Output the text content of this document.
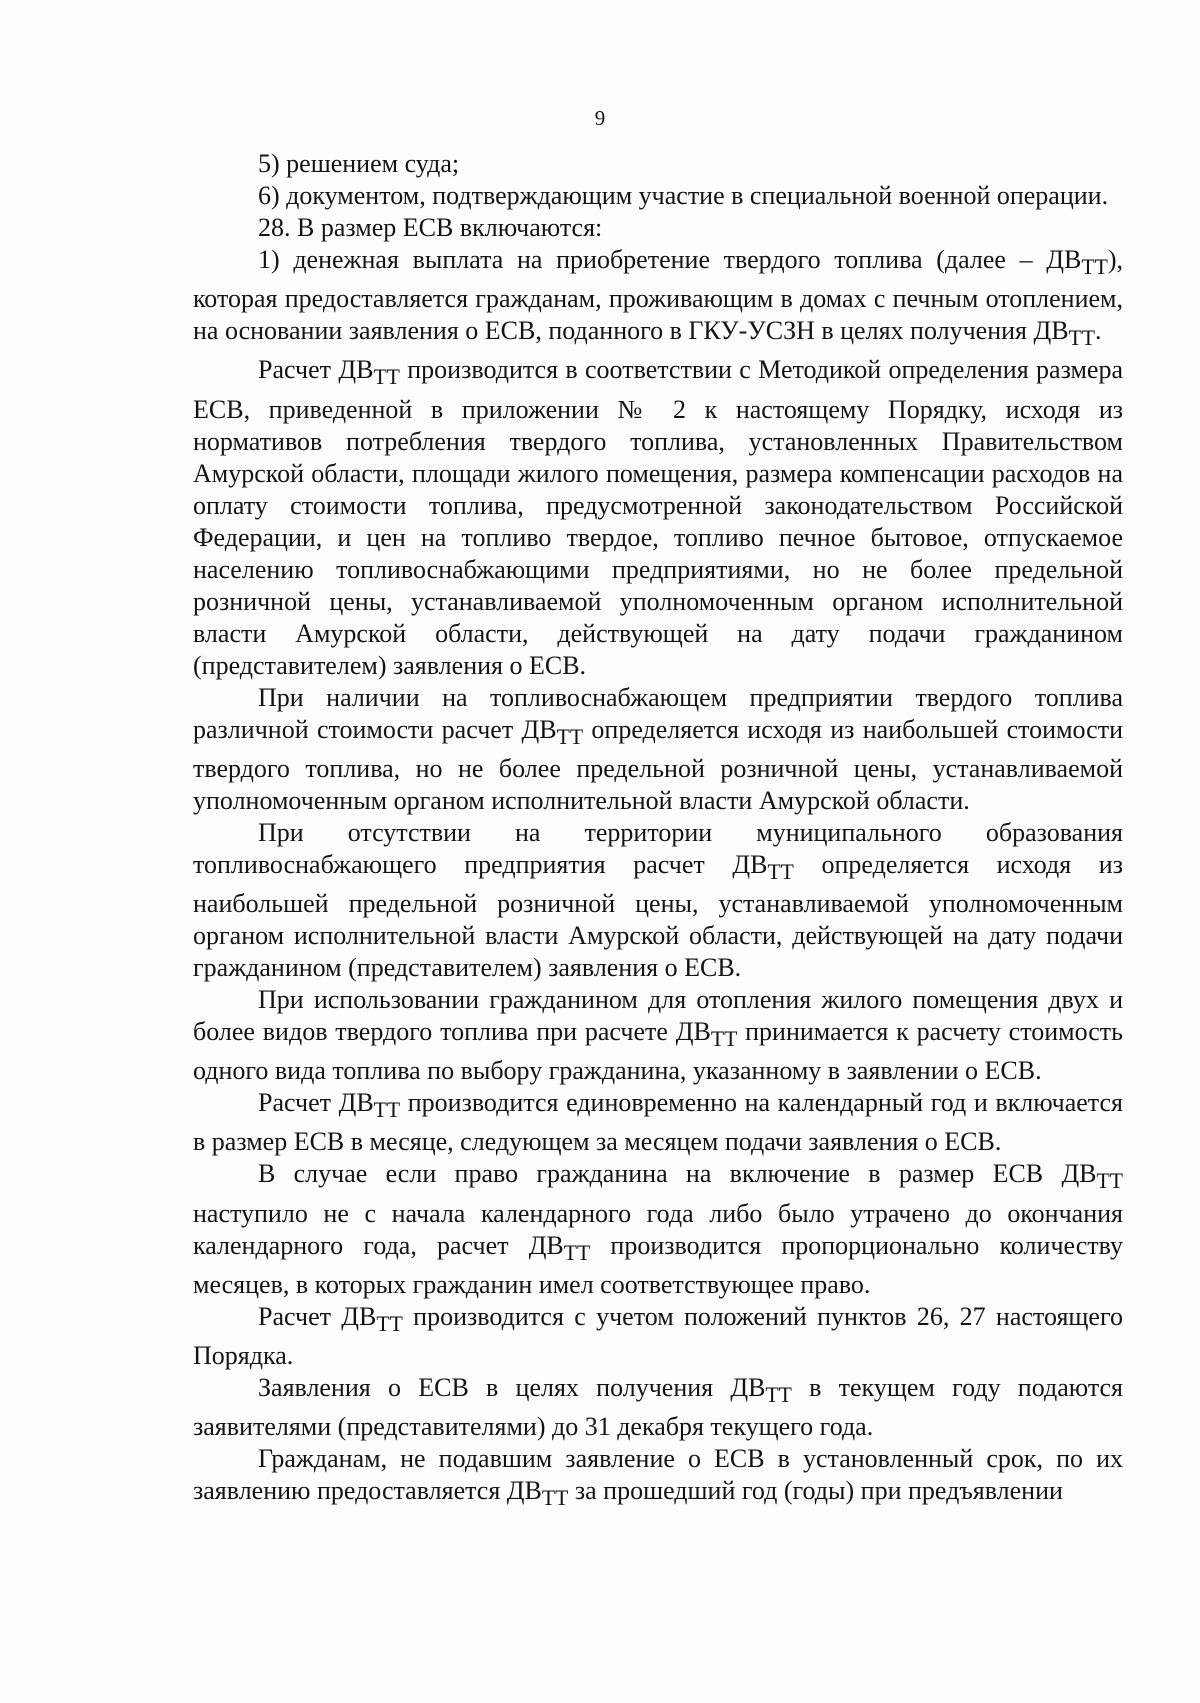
9

5) решением суда;

6) документом, подтверждающим участие в специальной военной операции.

28. В размер ЕСВ включаются:

1) денежная выплата на приобретение твердого топлива (далее – $ДВ_{ТТ}$), которая предоставляется гражданам, проживающим в домах с печным отоплением, на основании заявления о ЕСВ, поданного в ГКУ-УСЗН в целях получения $ДВ_{ТТ}$.

Расчет $ДВ_{ТТ}$ производится в соответствии с Методикой определения размера ЕСВ, приведенной в приложении № 2 к настоящему Порядку, исходя из нормативов потребления твердого топлива, установленных Правительством Амурской области, площади жилого помещения, размера компенсации расходов на оплату стоимости топлива, предусмотренной законодательством Российской Федерации, и цен на топливо твердое, топливо печное бытовое, отпускаемое населению топливоснабжающими предприятиями, но не более предельной розничной цены, устанавливаемой уполномоченным органом исполнительной власти Амурской области, действующей на дату подачи гражданином (представителем) заявления о ЕСВ.

При наличии на топливоснабжающем предприятии твердого топлива различной стоимости расчет $ДВ_{ТТ}$ определяется исходя из наибольшей стоимости твердого топлива, но не более предельной розничной цены, устанавливаемой уполномоченным органом исполнительной власти Амурской области.

При отсутствии на территории муниципального образования топливоснабжающего предприятия расчет $ДВ_{ТТ}$ определяется исходя из наибольшей предельной розничной цены, устанавливаемой уполномоченным органом исполнительной власти Амурской области, действующей на дату подачи гражданином (представителем) заявления о ЕСВ.

При использовании гражданином для отопления жилого помещения двух и более видов твердого топлива при расчете $ДВ_{ТТ}$ принимается к расчету стоимость одного вида топлива по выбору гражданина, указанному в заявлении о ЕСВ.

Расчет $ДВ_{ТТ}$ производится единовременно на календарный год и включается в размер ЕСВ в месяце, следующем за месяцем подачи заявления о ЕСВ.

В случае если право гражданина на включение в размер ЕСВ $ДВ_{ТТ}$ наступило не с начала календарного года либо было утрачено до окончания календарного года, расчет $ДВ_{ТТ}$ производится пропорционально количеству месяцев, в которых гражданин имел соответствующее право.

Расчет $ДВ_{ТТ}$ производится с учетом положений пунктов 26, 27 настоящего Порядка.

Заявления о ЕСВ в целях получения $ДВ_{ТТ}$ в текущем году подаются заявителями (представителями) до 31 декабря текущего года.

Гражданам, не подавшим заявление о ЕСВ в установленный срок, по их заявлению предоставляется $ДВ_{ТТ}$ за прошедший год (годы) при предъявлении
